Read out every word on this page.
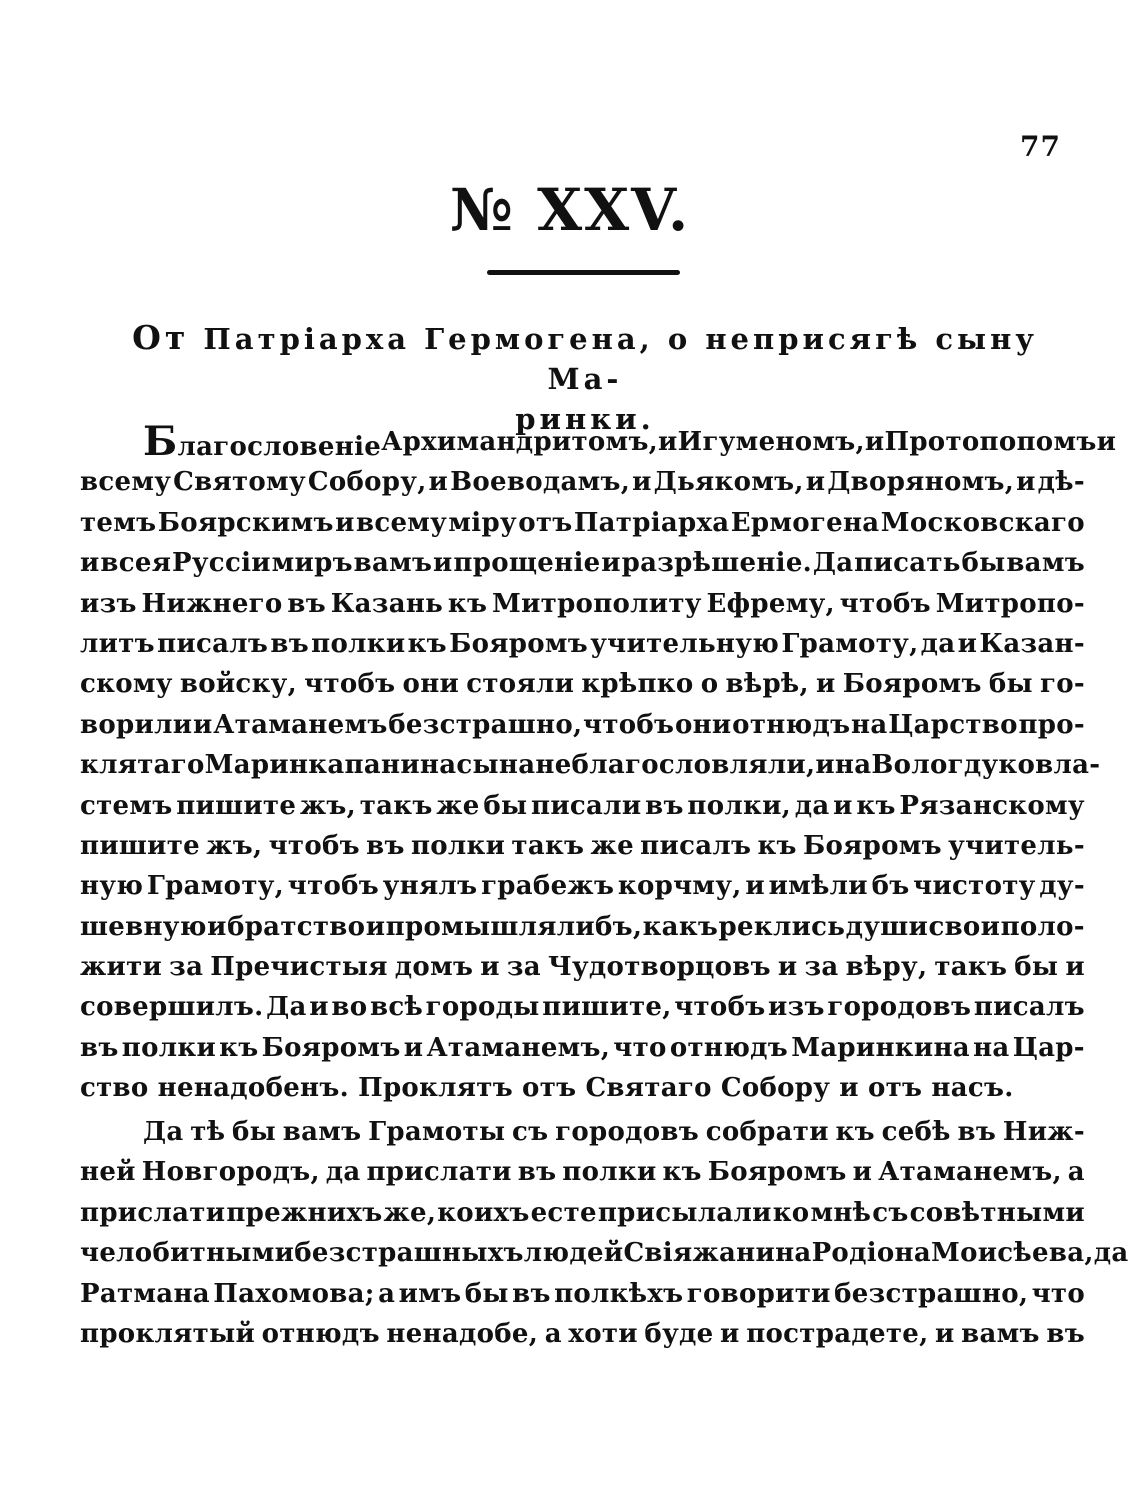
77
№ XXV.
От Патріарха Гермогена, о неприсягѣ сыну Ма-
ринки.
Благословеніе Архимандритомъ, и Игуменомъ, и Протопопомъ и
всему Святому Собору, и Воеводамъ, и Дьякомъ, и Дворяномъ, и дѣ-
темъ Боярскимъ и всему міру отъ Патріарха Ермогена Московскаго
и всея Руссіи миръ вамъ и прощеніе и разрѣшеніе. Да писать бы вамъ
изъ Нижнего въ Казань къ Митрополиту Ефрему, чтобъ Митропо-
литъ писалъ въ полки къ Бояромъ учительную Грамоту, да и Казан-
скому войску, чтобъ они стояли крѣпко о вѣрѣ, и Бояромъ бы го-
ворили и Атаманемъ безстрашно, чтобъ они отнюдъ на Царство про-
клятаго Маринка панина сына неблагословляли, и на Вологду ко вла-
стемъ пишите жъ, такъ же бы писали въ полки, да и къ Рязанскому
пишите жъ, чтобъ въ полки такъ же писалъ къ Бояромъ учитель-
ную Грамоту, чтобъ унялъ грабежъ корчму, и имѣли бъ чистоту ду-
шевную и братство и промышлялибъ, какъ реклись души свои поло-
жити за Пречистыя домъ и за Чудотворцовъ и за вѣру, такъ бы и
совершилъ. Да и во всѣ городы пишите, чтобъ изъ городовъ писалъ
въ полки къ Бояромъ и Атаманемъ, что отнюдъ Маринкина на Цар-
ство ненадобенъ. Проклятъ отъ Святаго Собору и отъ насъ.
Да тѣ бы вамъ Грамоты съ городовъ собрати къ себѣ въ Ниж-
ней Новгородъ, да прислати въ полки къ Бояромъ и Атаманемъ, а
прислати прежнихъ же, коихъ есте присылали ко мнѣ съ совѣтными
челобитными безстрашныхъ людей Свіяжанина Родіона Моисѣева, да
Ратмана Пахомова; а имъ бы въ полкѣхъ говорити безстрашно, что
проклятый отнюдъ ненадобе, а хоти буде и пострадете, и вамъ въ
